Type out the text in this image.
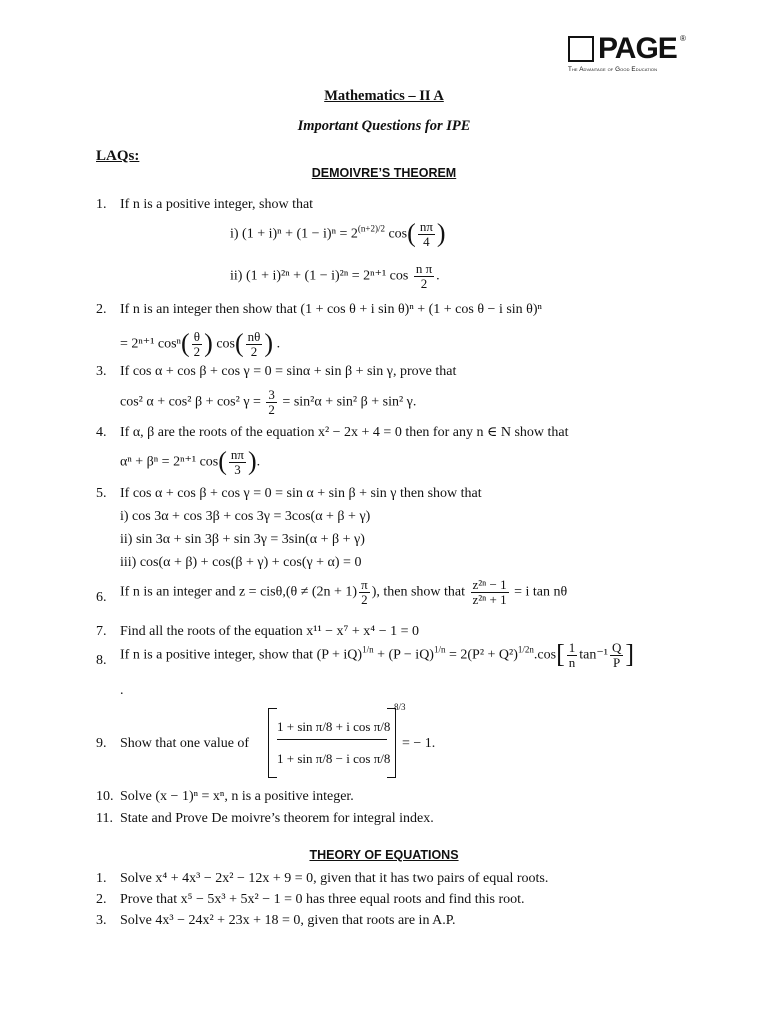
PAGE ®
The Advantage of Good Education
Mathematics – II A
Important Questions for IPE
LAQs:
DEMOIVRE’S THEOREM
1. If n is a positive integer, show that
i) $(1 + i)^n + (1 - i)^n = 2^{(n+2)/2}$ $\cos( \frac{n\pi}{4}$ )
ii) (1 + i)²ⁿ + (1 − i)²ⁿ = 2ⁿ⁺¹ $\cos \frac{\text{n π}}{2}$ .
2. If n is an integer then show that (1 + cos θ + i sin θ)ⁿ + (1 + cos θ − i sin θ)ⁿ
= 2ⁿ⁺¹ $\cos^n( \frac{\theta}{2}$ ) $\cos( \frac{n\theta}{2}$ ) .
3. If cos α + cos β + cos γ = 0 = sinα + sin β + sin γ, prove that
cos² α + cos² β + cos² $\gamma = \frac{3}{2} = \sin^2\alpha + \sin^2$ β + sin² γ.
4. If α, β are the roots of the equation x² − 2x + 4 = 0 then for any n ∈ N show that
αⁿ + βⁿ = 2ⁿ⁺¹ $\cos( \frac{n\pi}{3}$ ).
5. If cos α + cos β + cos γ = 0 = sin α + sin β + sin γ then show that
i) cos 3α + cos 3β + cos 3γ = 3cos(α + β + γ)
ii) sin 3α + sin 3β + sin 3γ = 3sin(α + β + γ)
iii) cos(α + β) + cos(β + γ) + cos(γ + α) = 0
6. If n is an integer and $z = cis\theta,(\theta \ne (2n + 1) \frac{\pi}{2}$ ), then show that $\frac{\text{z²ⁿ − 1}}{\text{z²ⁿ + 1}} = i$ tan nθ
7. Find all the roots of the equation x¹¹ − x⁷ + x⁴ − 1 = 0
8. If n is a positive integer, show that $(P + iQ)^{1/n} + (P - iQ)^{1/n} = 2(P^2 + Q^2)^{1/2n}.\cos[ \frac{1}{n} \tan^{-1} \frac{Q}{P}$ ]
.
9. Show that one value of
1 + sin π/8 + i cos π/8
1 + sin π/8 − i cos π/8
8/3
= − 1.
10. Solve (x − 1)ⁿ = xⁿ, n is a positive integer.
11. State and Prove De moivre’s theorem for integral index.
THEORY OF EQUATIONS
1. Solve x⁴ + 4x³ − 2x² − 12x + 9 = 0, given that it has two pairs of equal roots.
2. Prove that x⁵ − 5x³ + 5x² − 1 = 0 has three equal roots and find this root.
3. Solve 4x³ − 24x² + 23x + 18 = 0, given that roots are in A.P.
